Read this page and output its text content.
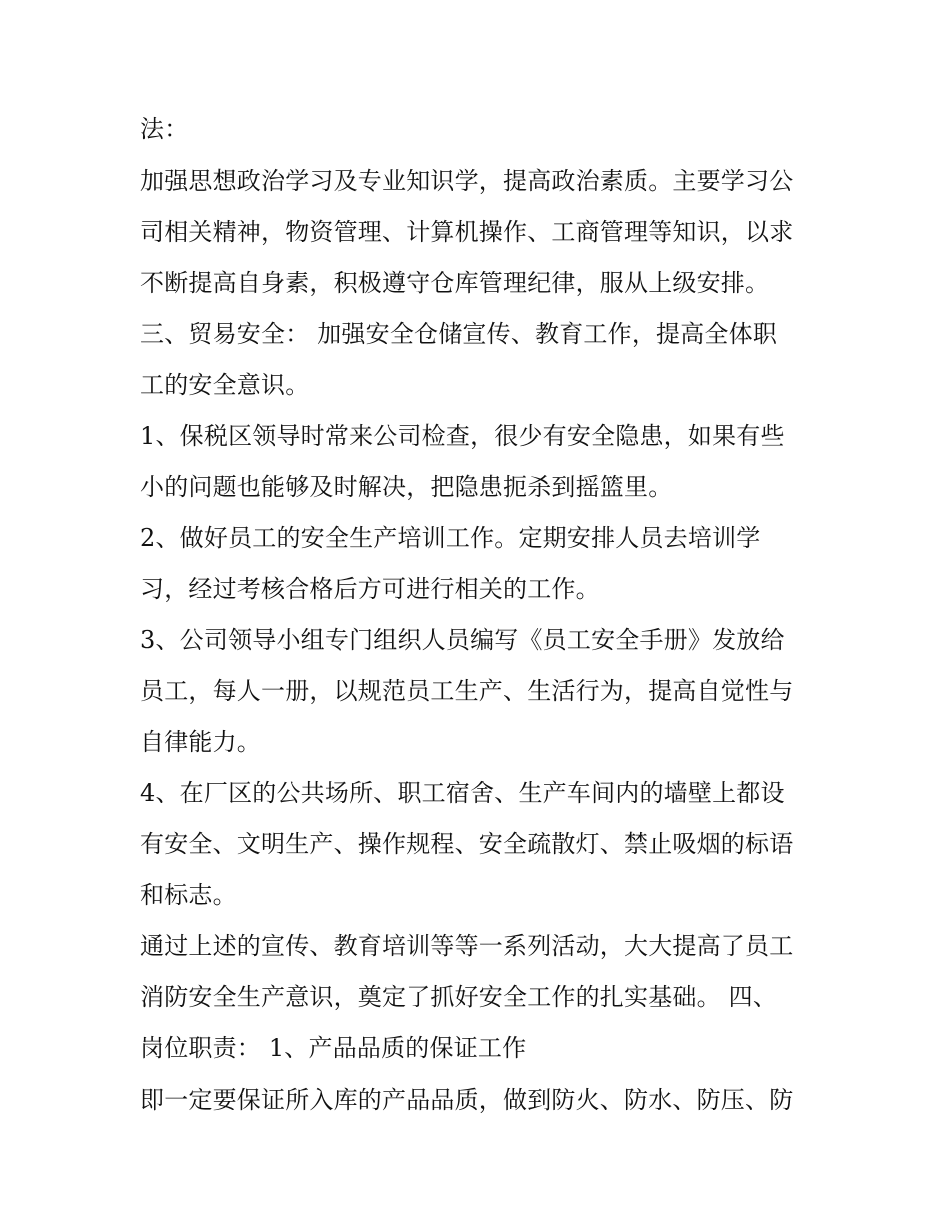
法：
加强思想政治学习及专业知识学，提高政治素质。主要学习公
司相关精神，物资管理、计算机操作、工商管理等知识，以求
不断提高自身素，积极遵守仓库管理纪律，服从上级安排。
三、贸易安全： 加强安全仓储宣传、教育工作，提高全体职
工的安全意识。
1、保税区领导时常来公司检查，很少有安全隐患，如果有些
小的问题也能够及时解决，把隐患扼杀到摇篮里。
2、做好员工的安全生产培训工作。定期安排人员去培训学
习，经过考核合格后方可进行相关的工作。
3、公司领导小组专门组织人员编写《员工安全手册》发放给
员工，每人一册，以规范员工生产、生活行为，提高自觉性与
自律能力。
4、在厂区的公共场所、职工宿舍、生产车间内的墙壁上都设
有安全、文明生产、操作规程、安全疏散灯、禁止吸烟的标语
和标志。
通过上述的宣传、教育培训等等一系列活动，大大提高了员工
消防安全生产意识，奠定了抓好安全工作的扎实基础。 四、
岗位职责： 1、产品品质的保证工作
即一定要保证所入库的产品品质，做到防火、防水、防压、防
